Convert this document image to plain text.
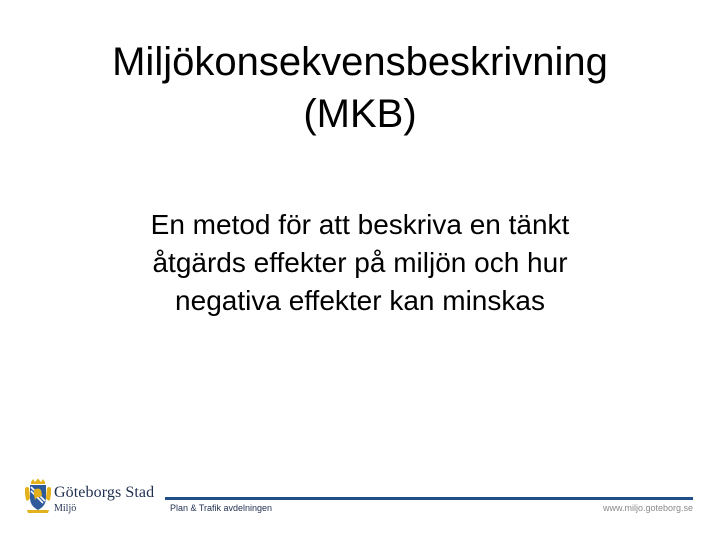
Miljökonsekvensbeskrivning
(MKB)

En metod för att beskriva en tänkt
åtgärds effekter på miljön och hur
negativa effekter kan minskas

Göteborgs Stad
Miljö	Plan & Trafik avdelningen	www.miljo.goteborg.se
